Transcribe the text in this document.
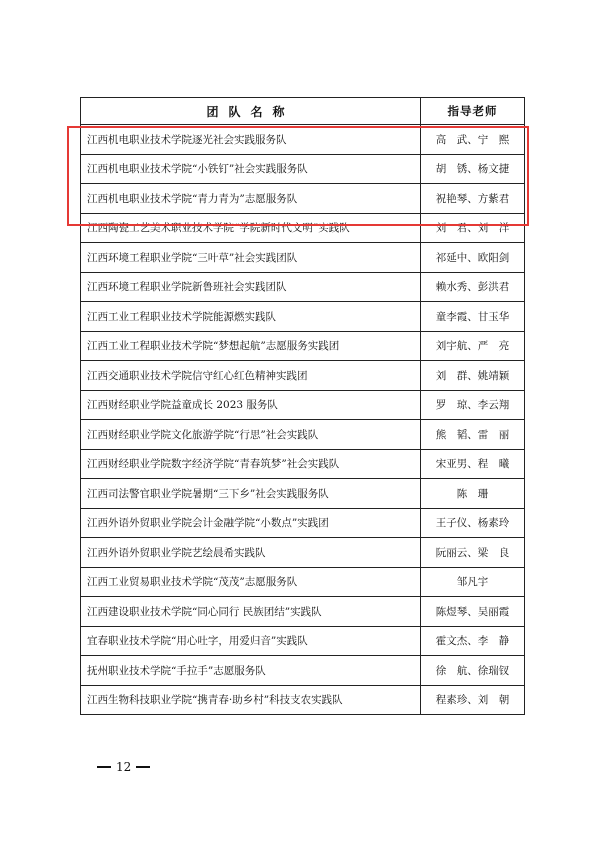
团队名称	指导老师
江西机电职业技术学院逐光社会实践服务队	高　武、宁　熙
江西机电职业技术学院“小铁钉”社会实践服务队	胡　锈、杨文捷
江西机电职业技术学院“青力青为”志愿服务队	祝艳琴、方紫君
江西陶瓷工艺美术职业技术学院“学院新时代文明”实践队	刘　君、刘　洋
江西环境工程职业学院“三叶草”社会实践团队	祁延中、欧阳剑
江西环境工程职业学院新鲁班社会实践团队	赖水秀、彭洪君
江西工业工程职业技术学院能源燃实践队	童李霞、甘玉华
江西工业工程职业技术学院“梦想起航”志愿服务实践团	刘宇航、严　亮
江西交通职业技术学院信守红心红色精神实践团	刘　群、姚靖颖
江西财经职业学院益童成长 2023 服务队	罗　琼、李云翔
江西财经职业学院文化旅游学院“行思”社会实践队	熊　韬、雷　丽
江西财经职业学院数字经济学院“青春筑梦”社会实践队	宋亚男、程　曦
江西司法警官职业学院暑期“三下乡”社会实践服务队	陈　珊
江西外语外贸职业学院会计金融学院“小数点”实践团	王子仪、杨素玲
江西外语外贸职业学院艺绘晨希实践队	阮丽云、梁　良
江西工业贸易职业技术学院“茂茂”志愿服务队	邹凡宇
江西建设职业技术学院“同心同行 民族团结”实践队	陈煜琴、吴丽霞
宜春职业技术学院“用心吐字，用爱归音”实践队	霍文杰、李　静
抚州职业技术学院“手拉手”志愿服务队	徐　航、徐瑞钗
江西生物科技职业学院“携青春·助乡村”科技支农实践队	程素珍、刘　朝
12
